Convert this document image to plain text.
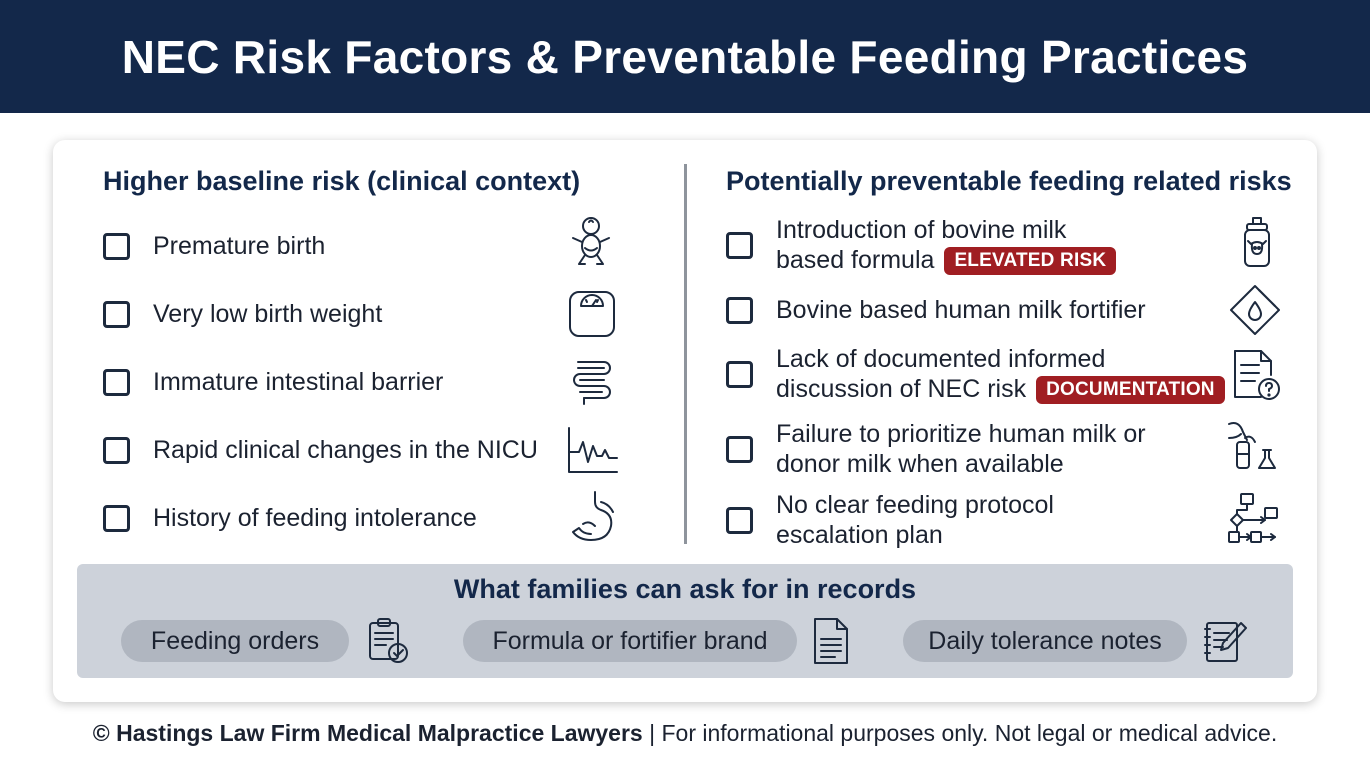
NEC Risk Factors & Preventable Feeding Practices
Higher baseline risk (clinical context)
Premature birth
Very low birth weight
Immature intestinal barrier
Rapid clinical changes in the NICU
History of feeding intolerance
Potentially preventable feeding related risks
Introduction of bovine milk
based formula ELEVATED RISK
Bovine based human milk fortifier
Lack of documented informed
discussion of NEC risk DOCUMENTATION
Failure to prioritize human milk or
donor milk when available
No clear feeding protocol
escalation plan
What families can ask for in records
Feeding orders	Formula or fortifier brand	Daily tolerance notes
© Hastings Law Firm Medical Malpractice Lawyers | For informational purposes only. Not legal or medical advice.
